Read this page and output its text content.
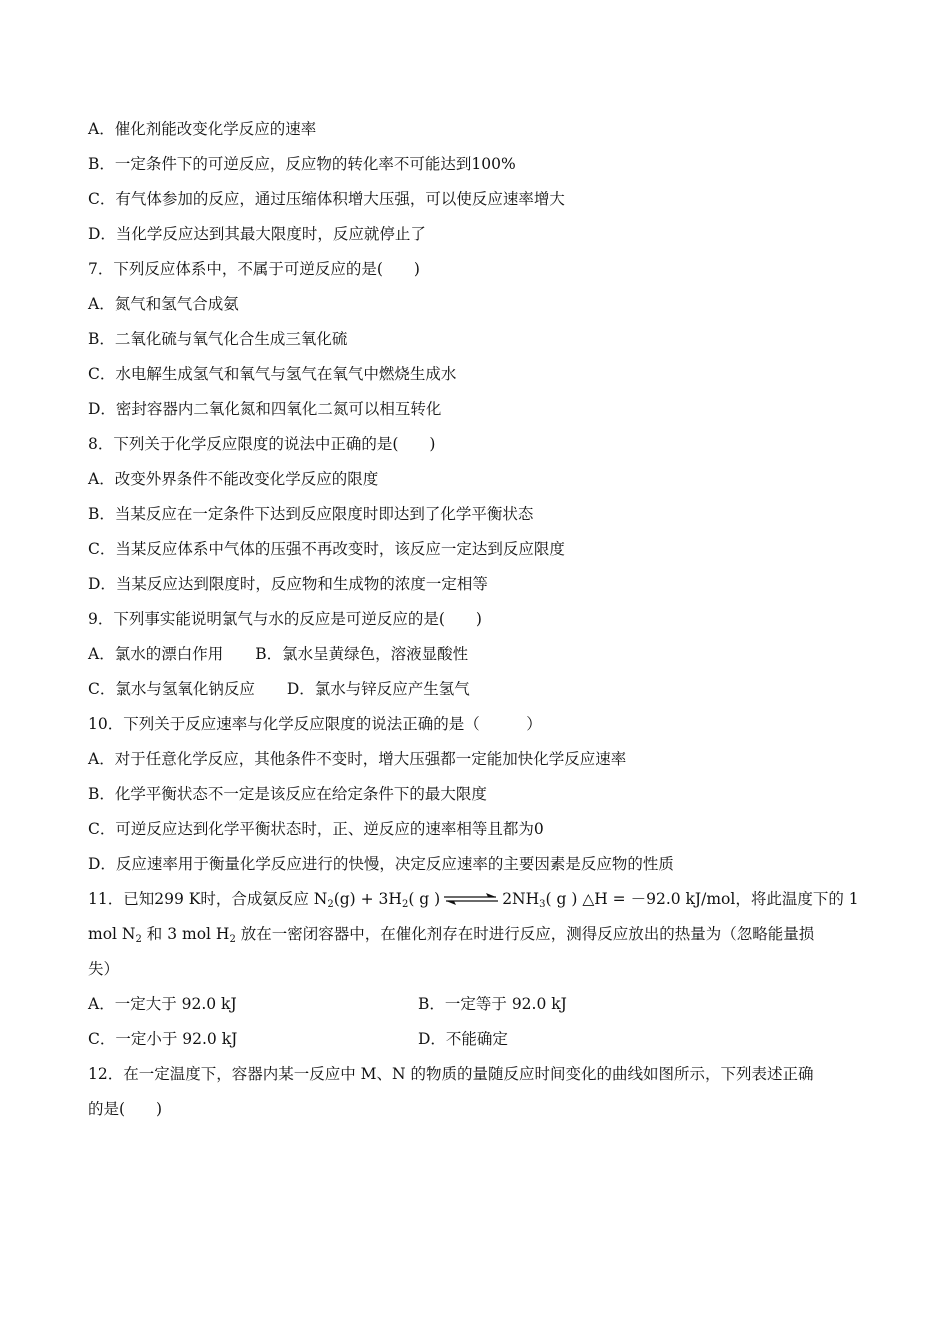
A．催化剂能改变化学反应的速率
B．一定条件下的可逆反应，反应物的转化率不可能达到100%
C．有气体参加的反应，通过压缩体积增大压强，可以使反应速率增大
D．当化学反应达到其最大限度时，反应就停止了
7．下列反应体系中，不属于可逆反应的是(　　)
A．氮气和氢气合成氨
B．二氧化硫与氧气化合生成三氧化硫
C．水电解生成氢气和氧气与氢气在氧气中燃烧生成水
D．密封容器内二氧化氮和四氧化二氮可以相互转化
8．下列关于化学反应限度的说法中正确的是(　　)
A．改变外界条件不能改变化学反应的限度
B．当某反应在一定条件下达到反应限度时即达到了化学平衡状态
C．当某反应体系中气体的压强不再改变时，该反应一定达到反应限度
D．当某反应达到限度时，反应物和生成物的浓度一定相等
9．下列事实能说明氯气与水的反应是可逆反应的是(　　)
A．氯水的漂白作用 B．氯水呈黄绿色，溶液显酸性
C．氯水与氢氧化钠反应 D．氯水与锌反应产生氢气
10．下列关于反应速率与化学反应限度的说法正确的是（　　　）
A．对于任意化学反应，其他条件不变时，增大压强都一定能加快化学反应速率
B．化学平衡状态不一定是该反应在给定条件下的最大限度
C．可逆反应达到化学平衡状态时，正、逆反应的速率相等且都为0
D．反应速率用于衡量化学反应进行的快慢，决定反应速率的主要因素是反应物的性质
11．已知299 K时，合成氨反应 $N_2(g) + 3H_2$( g ) ⇌ $2NH_3$( g ) △H = －92.0 kJ/mol，将此温度下的 1
mol $N_2$ 和 3 mol $H_2$ 放在一密闭容器中，在催化剂存在时进行反应，测得反应放出的热量为（忽略能量损
失）
A．一定大于 92.0 kJ	B．一定等于 92.0 kJ
C．一定小于 92.0 kJ	D．不能确定
12．在一定温度下，容器内某一反应中 M、N 的物质的量随反应时间变化的曲线如图所示，下列表述正确
的是(　　)
